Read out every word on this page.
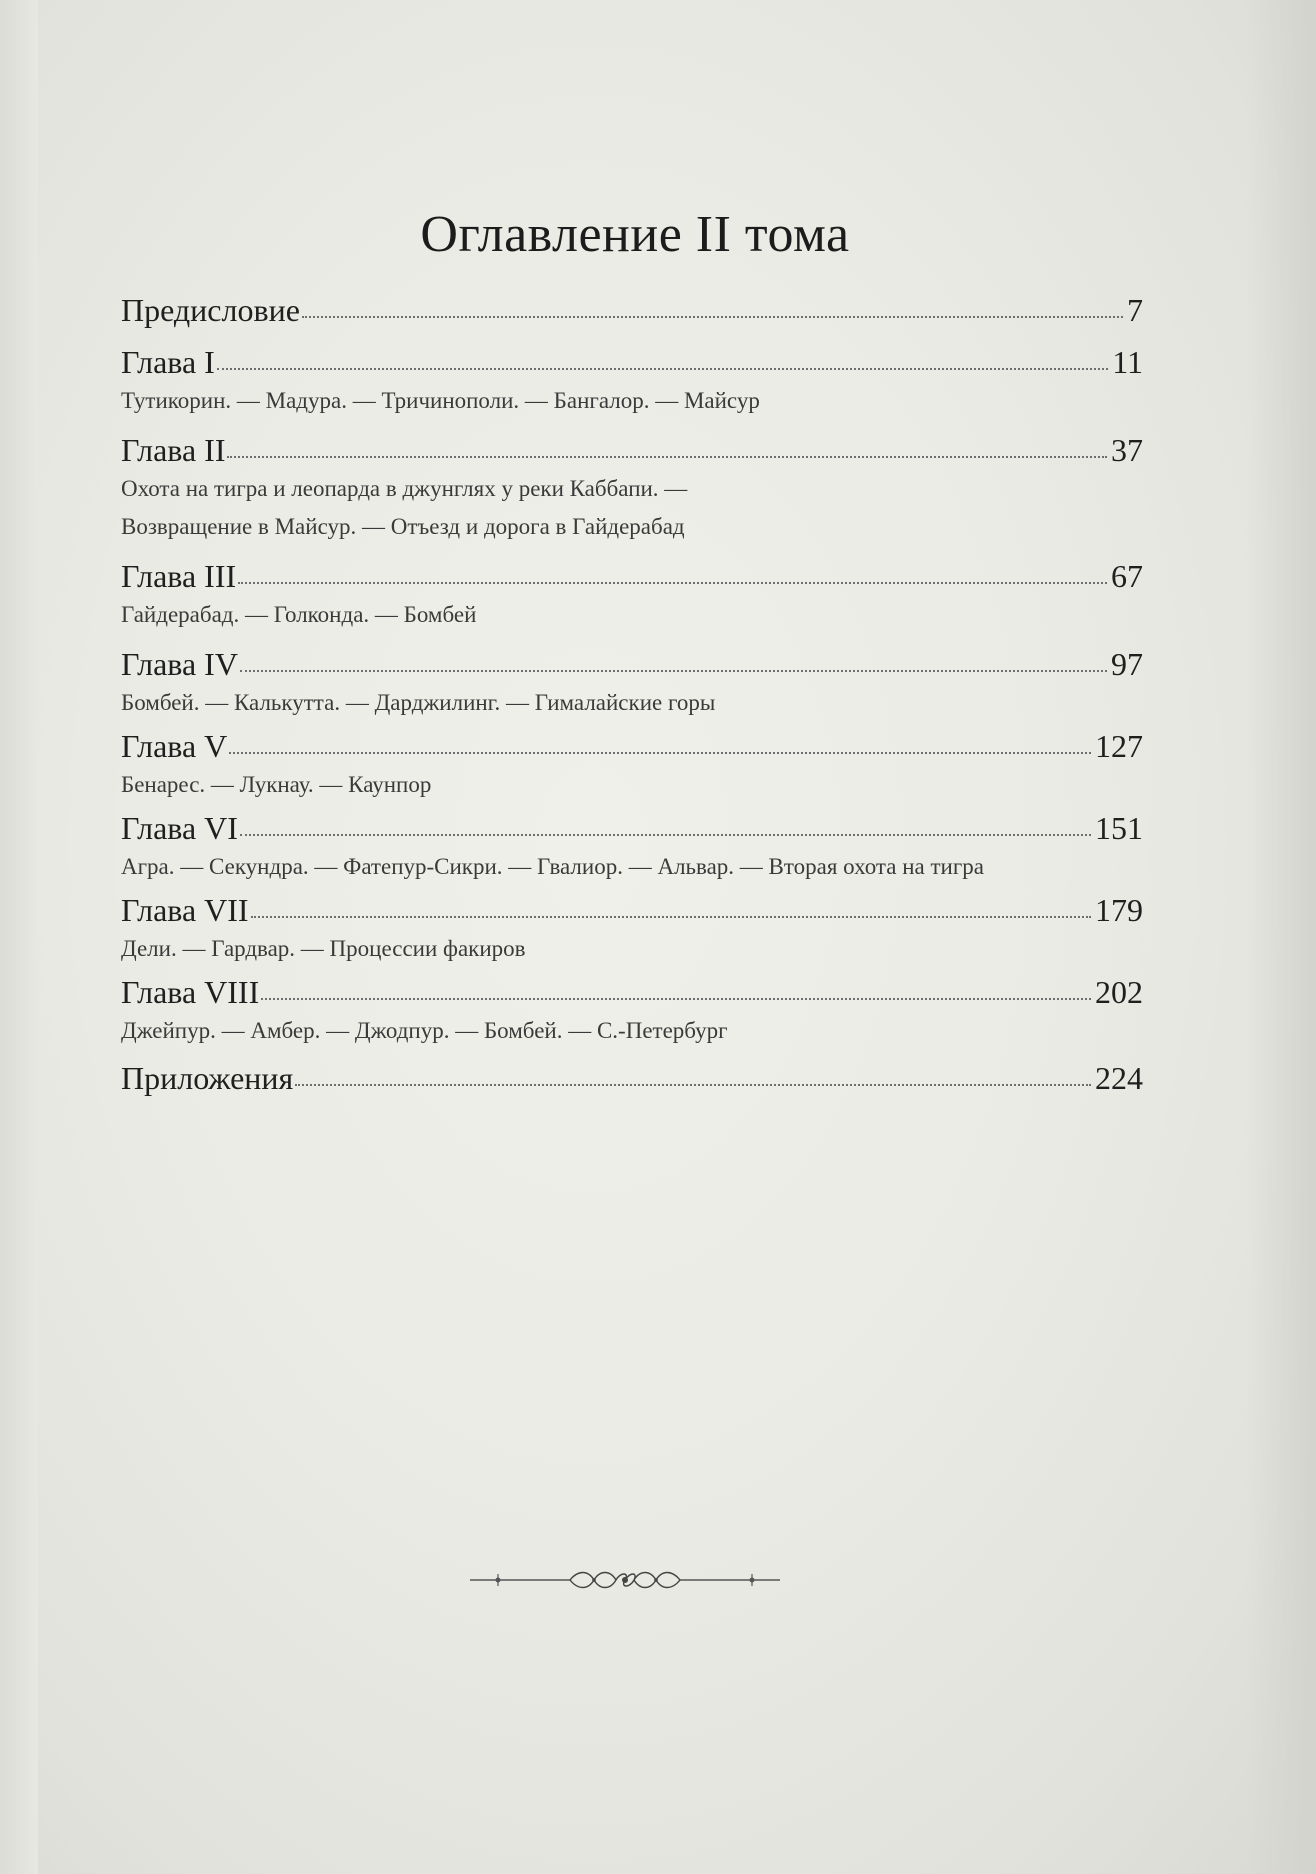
Оглавление II тома
Предисловие	7
Глава I	11
Тутикорин. — Мадура. — Тричинополи. — Бангалор. — Майсур
Глава II	37
Охота на тигра и леопарда в джунглях у реки Каббапи. —
Возвращение в Майсур. — Отъезд и дорога в Гайдерабад
Глава III	67
Гайдерабад. — Голконда. — Бомбей
Глава IV	97
Бомбей. — Калькутта. — Дарджилинг. — Гималайские горы
Глава V	127
Бенарес. — Лукнау. — Каунпор
Глава VI	151
Агра. — Секундра. — Фатепур-Сикри. — Гвалиор. — Альвар. — Вторая охота на тигра
Глава VII	179
Дели. — Гардвар. — Процессии факиров
Глава VIII	202
Джейпур. — Амбер. — Джодпур. — Бомбей. — С.-Петербург
Приложения	224
